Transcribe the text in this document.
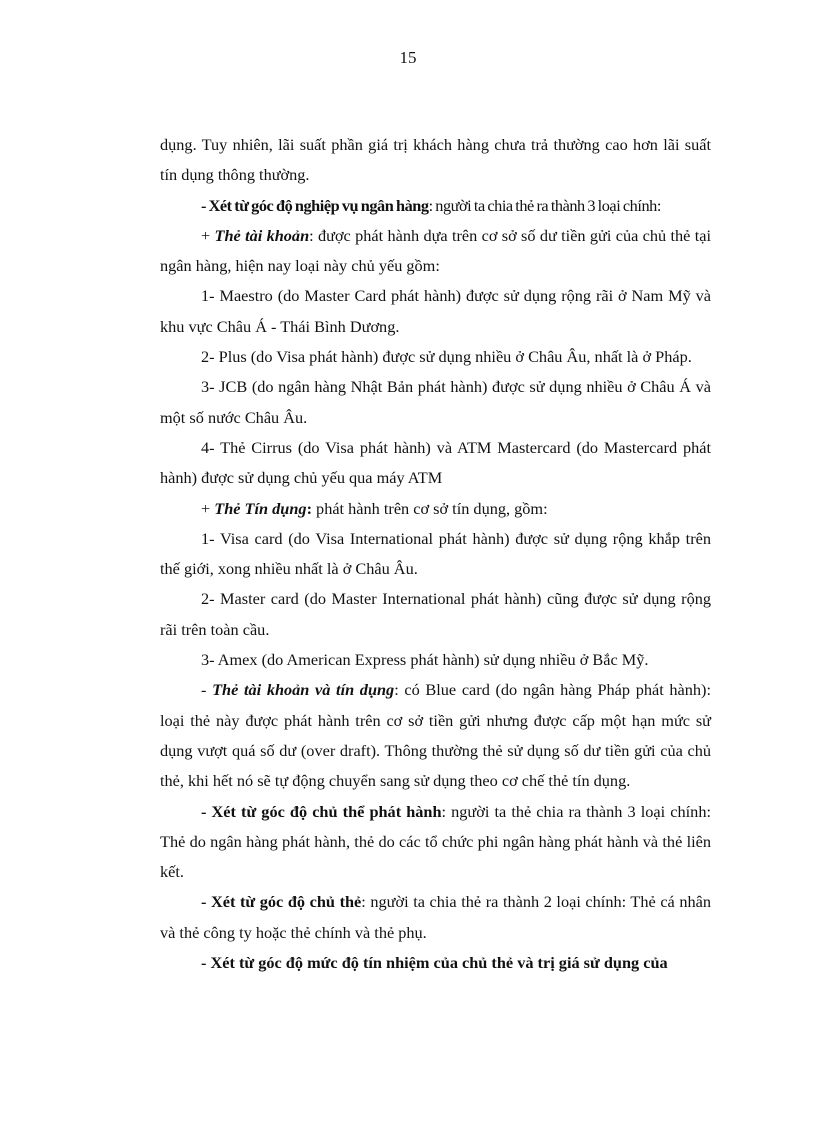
15

dụng. Tuy nhiên, lãi suất phần giá trị khách hàng chưa trả thường cao hơn lãi suất tín dụng thông thường.

- Xét từ góc độ nghiệp vụ ngân hàng: người ta chia thẻ ra thành 3 loại chính:

+ Thẻ tài khoản: được phát hành dựa trên cơ sở số dư tiền gửi của chủ thẻ tại ngân hàng, hiện nay loại này chủ yếu gồm:

1- Maestro (do Master Card phát hành) được sử dụng rộng rãi ở Nam Mỹ và khu vực Châu Á - Thái Bình Dương.

2- Plus (do Visa phát hành) được sử dụng nhiều ở Châu Âu, nhất là ở Pháp.

3- JCB (do ngân hàng Nhật Bản phát hành) được sử dụng nhiều ở Châu Á và một số nước Châu Âu.

4- Thẻ Cirrus (do Visa phát hành) và ATM Mastercard (do Mastercard phát hành) được sử dụng chủ yếu qua máy ATM

+ Thẻ Tín dụng: phát hành trên cơ sở tín dụng, gồm:

1- Visa card (do Visa International phát hành) được sử dụng rộng khắp trên thế giới, xong nhiều nhất là ở Châu Âu.

2- Master card (do Master International phát hành) cũng được sử dụng rộng rãi trên toàn cầu.

3- Amex (do American Express phát hành) sử dụng nhiều ở Bắc Mỹ.

- Thẻ tài khoản và tín dụng: có Blue card (do ngân hàng Pháp phát hành): loại thẻ này được phát hành trên cơ sở tiền gửi nhưng được cấp một hạn mức sử dụng vượt quá số dư (over draft). Thông thường thẻ sử dụng số dư tiền gửi của chủ thẻ, khi hết nó sẽ tự động chuyển sang sử dụng theo cơ chế thẻ tín dụng.

- Xét từ góc độ chủ thể phát hành: người ta thẻ chia ra thành 3 loại chính: Thẻ do ngân hàng phát hành, thẻ do các tổ chức phi ngân hàng phát hành và thẻ liên kết.

- Xét từ góc độ chủ thẻ: người ta chia thẻ ra thành 2 loại chính: Thẻ cá nhân và thẻ công ty hoặc thẻ chính và thẻ phụ.

- Xét từ góc độ mức độ tín nhiệm của chủ thẻ và trị giá sử dụng của
